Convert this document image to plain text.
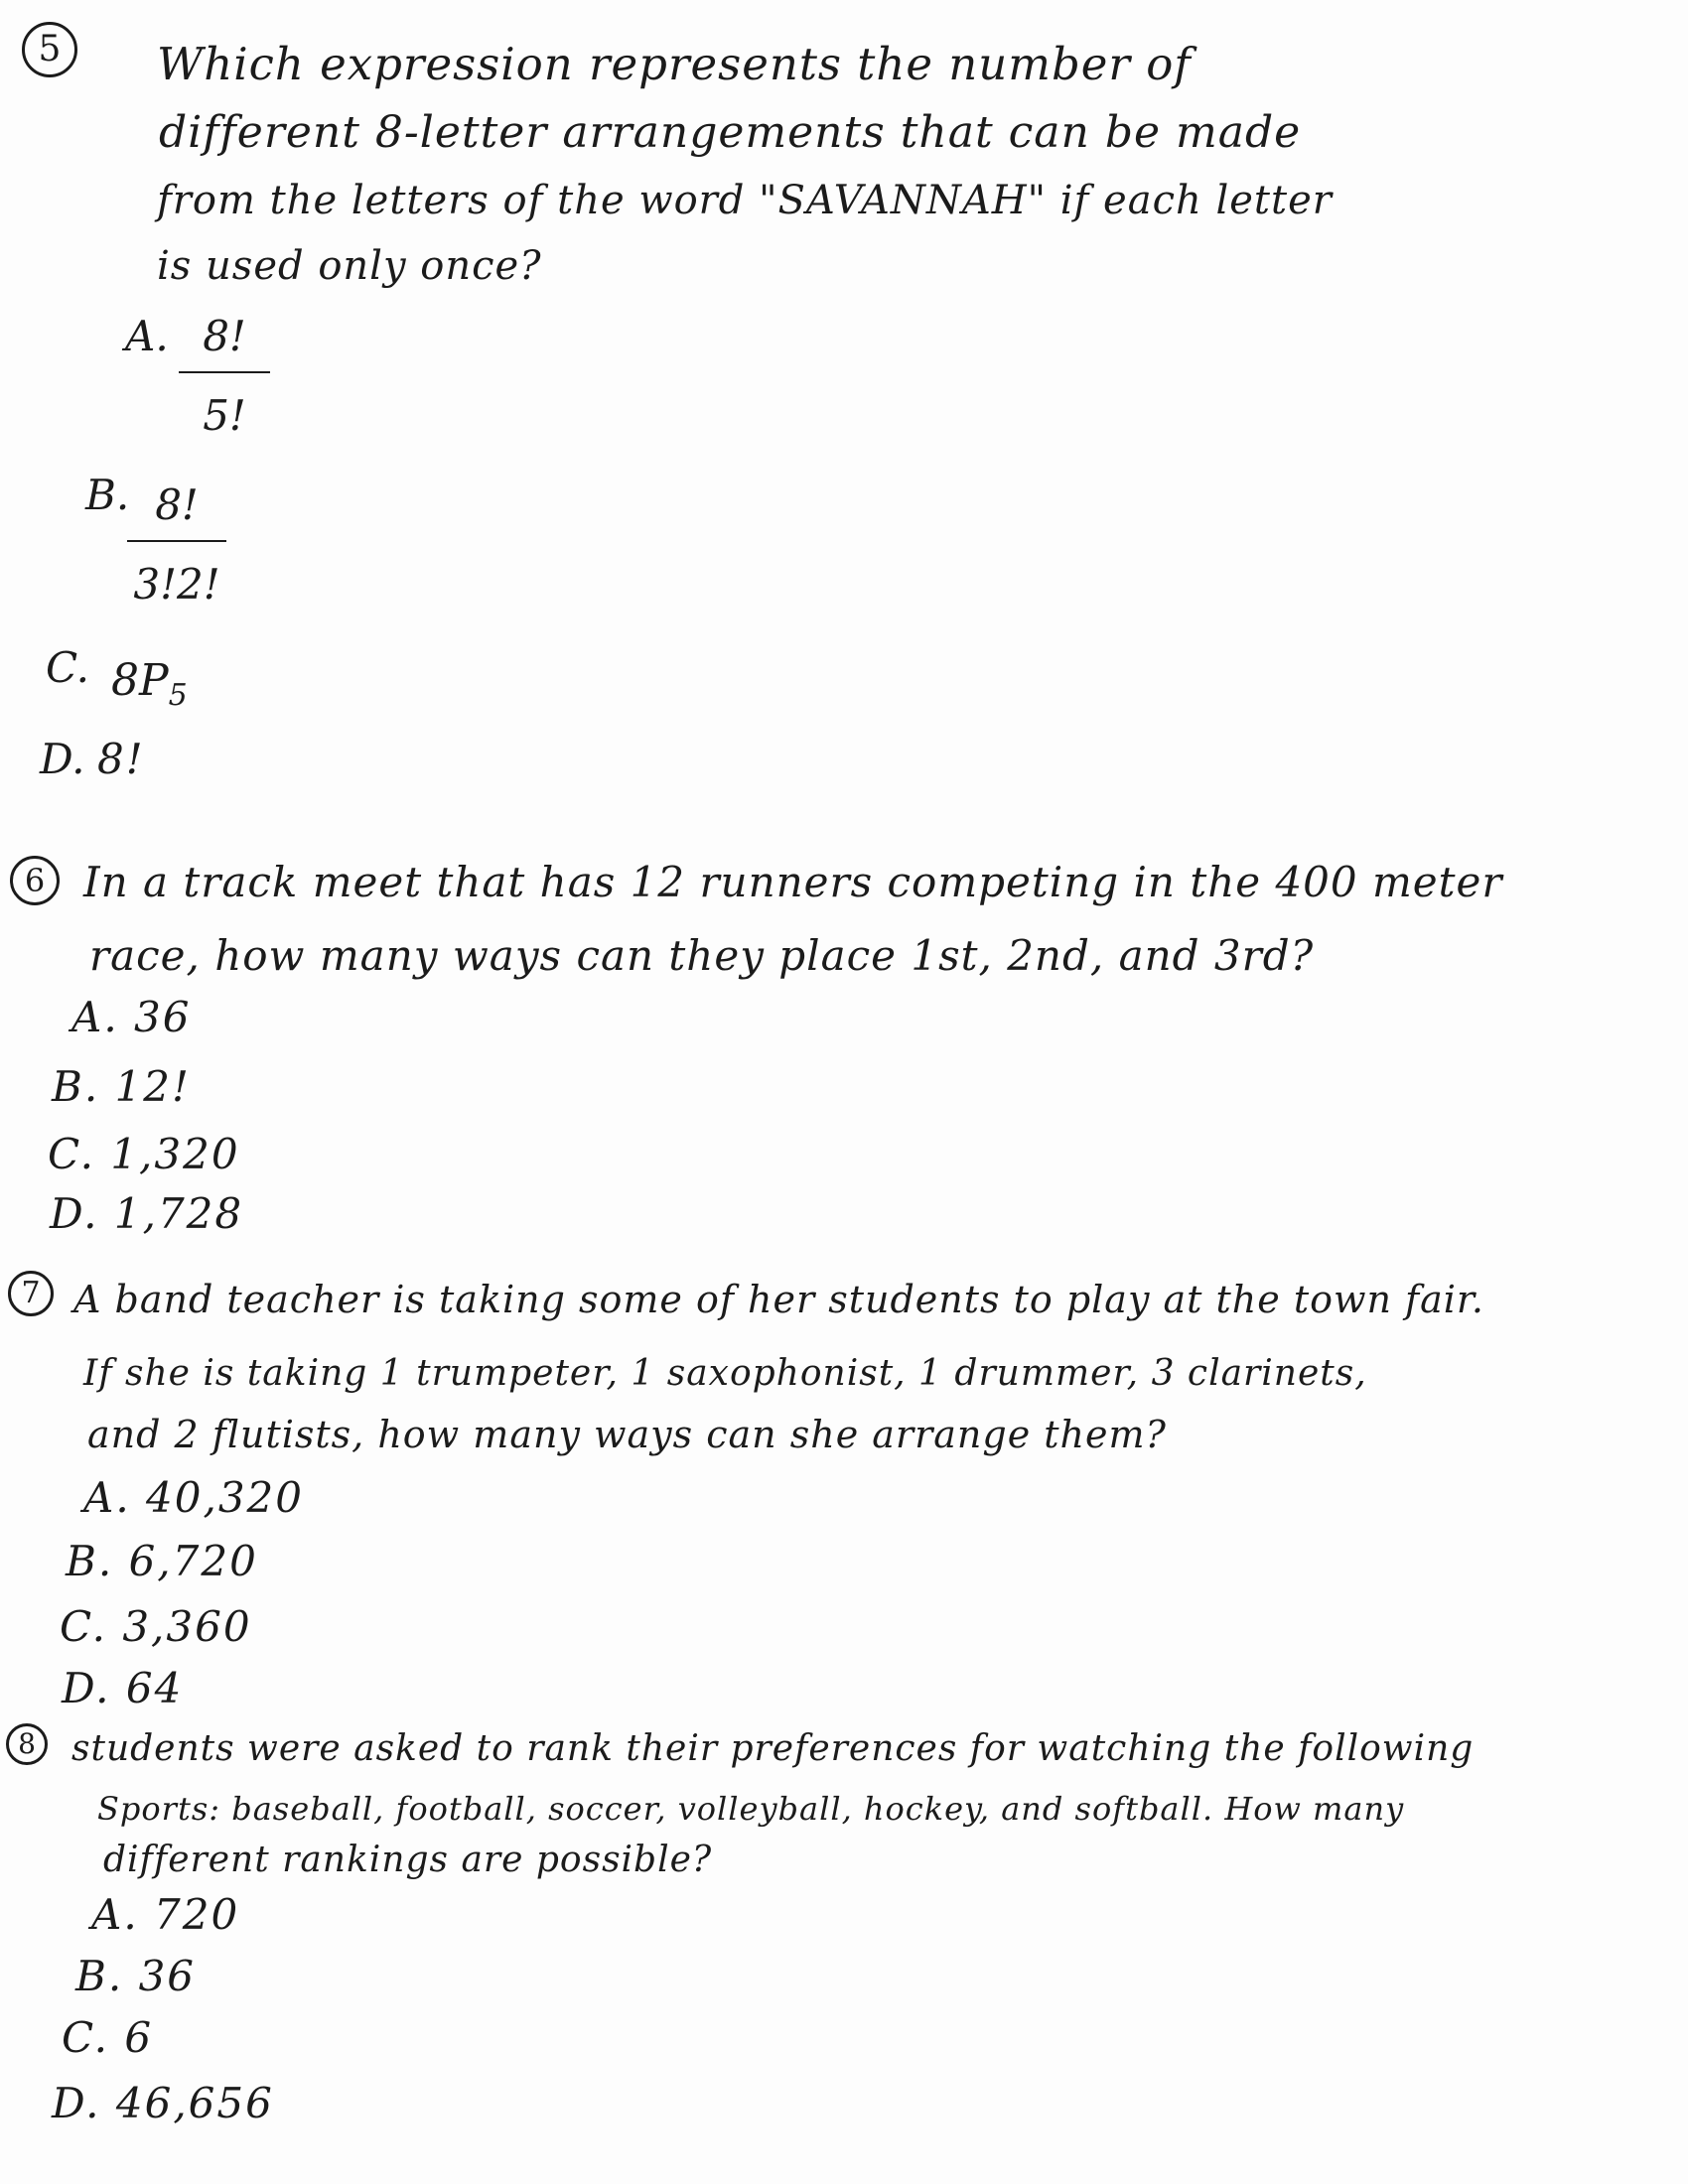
5	Which expression represents the number of
different 8-letter arrangements that can be made
from the letters of the word "SAVANNAH" if each letter
is used only once?
A. 8!
5!
B. 8!
3!2!
C. $8P_5$
D. 8!
6 In a track meet that has 12 runners competing in the 400 meter
race, how many ways can they place 1st, 2nd, and 3rd?
A. 36
B. 12!
C. 1,320
D. 1,728
7 A band teacher is taking some of her students to play at the town fair.
If she is taking 1 trumpeter, 1 saxophonist, 1 drummer, 3 clarinets,
and 2 flutists, how many ways can she arrange them?
A. 40,320
B. 6,720
C. 3,360
D. 64
8	students were asked to rank their preferences for watching the following
Sports: baseball, football, soccer, volleyball, hockey, and softball. How many
different rankings are possible?
A. 720
B. 36
C. 6
D. 46,656
